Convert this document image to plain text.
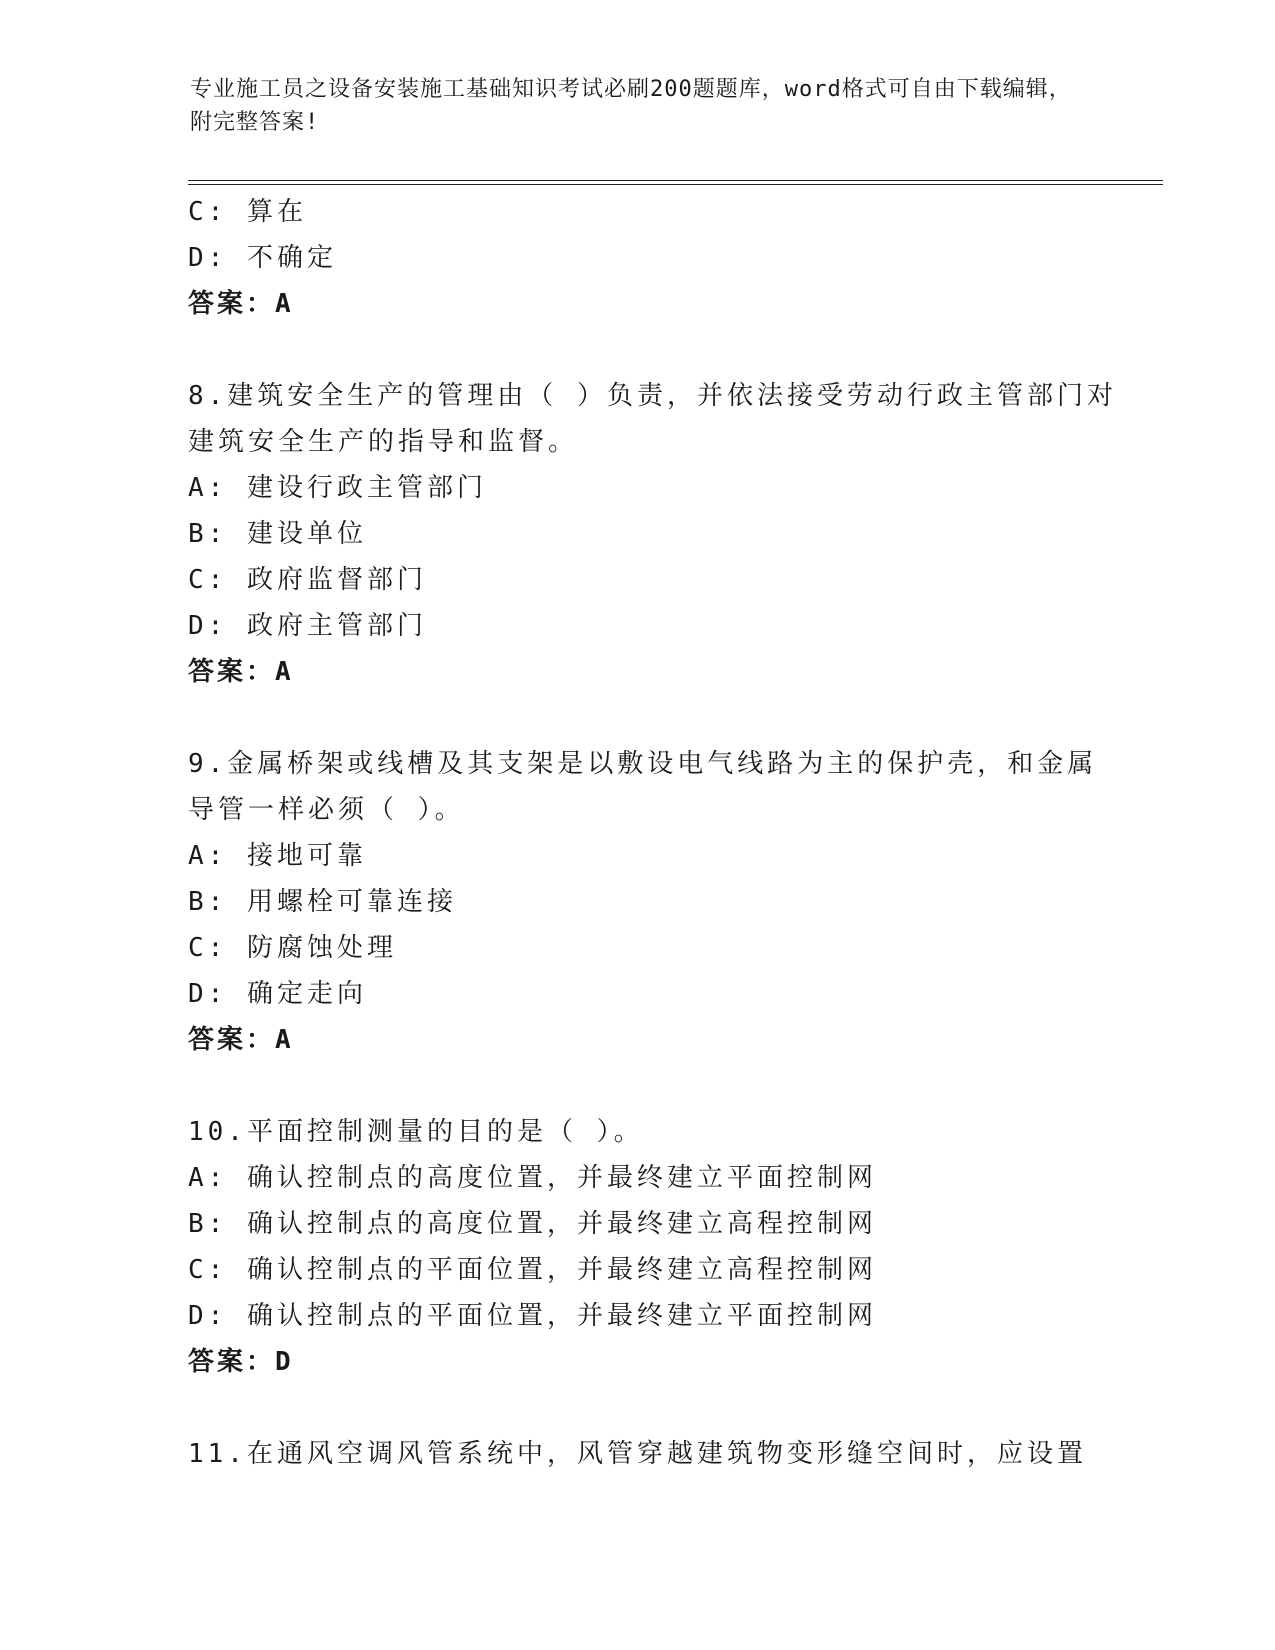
专业施工员之设备安装施工基础知识考试必刷200题题库，word格式可自由下载编辑，附完整答案!
C: 算在
D: 不确定
答案：A
8.建筑安全生产的管理由（ ）负责，并依法接受劳动行政主管部门对
建筑安全生产的指导和监督。
A: 建设行政主管部门
B: 建设单位
C: 政府监督部门
D: 政府主管部门
答案：A
9.金属桥架或线槽及其支架是以敷设电气线路为主的保护壳，和金属
导管一样必须（ ）。
A: 接地可靠
B: 用螺栓可靠连接
C: 防腐蚀处理
D: 确定走向
答案：A
10.平面控制测量的目的是（ ）。
A: 确认控制点的高度位置，并最终建立平面控制网
B: 确认控制点的高度位置，并最终建立高程控制网
C: 确认控制点的平面位置，并最终建立高程控制网
D: 确认控制点的平面位置，并最终建立平面控制网
答案：D
11.在通风空调风管系统中，风管穿越建筑物变形缝空间时，应设置
